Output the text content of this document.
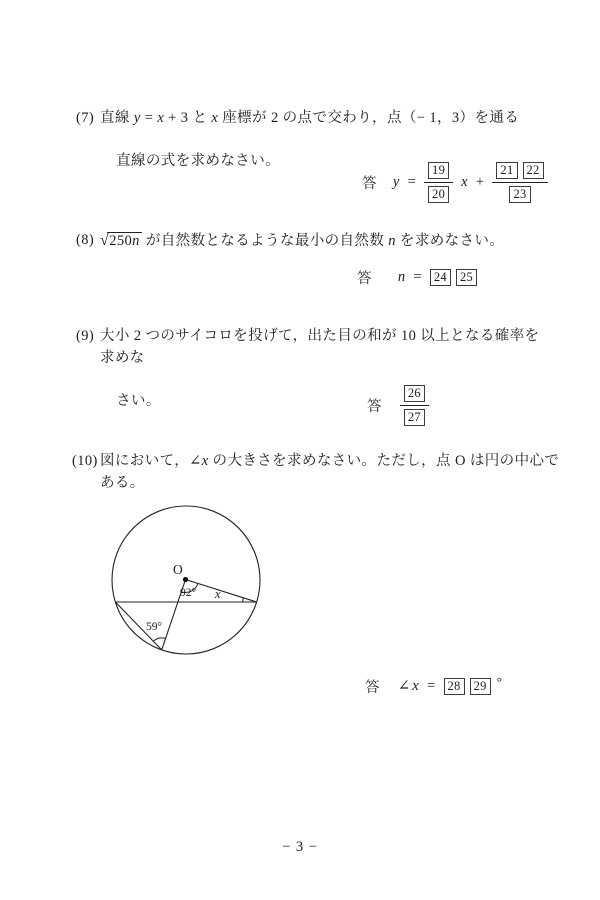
(7) 直線 y = x + 3 と x 座標が 2 の点で交わり，点（− 1，3）を通る

直線の式を求めなさい。
答 $y = \frac{19}{20}$ x + 21	22
23
(8) √250n が自然数となるような最小の自然数 n を求めなさい。
答 n = 24	25
(9) 大小 2 つのサイコロを投げて，出た目の和が 10 以上となる確率を求めな

さい。	答 $\frac{26}{27}$
(10) 図において，∠x の大きさを求めなさい。ただし，点 O は円の中心である。
O
92° x
59°
答 ∠ x = 28	29 °
− 3 −
